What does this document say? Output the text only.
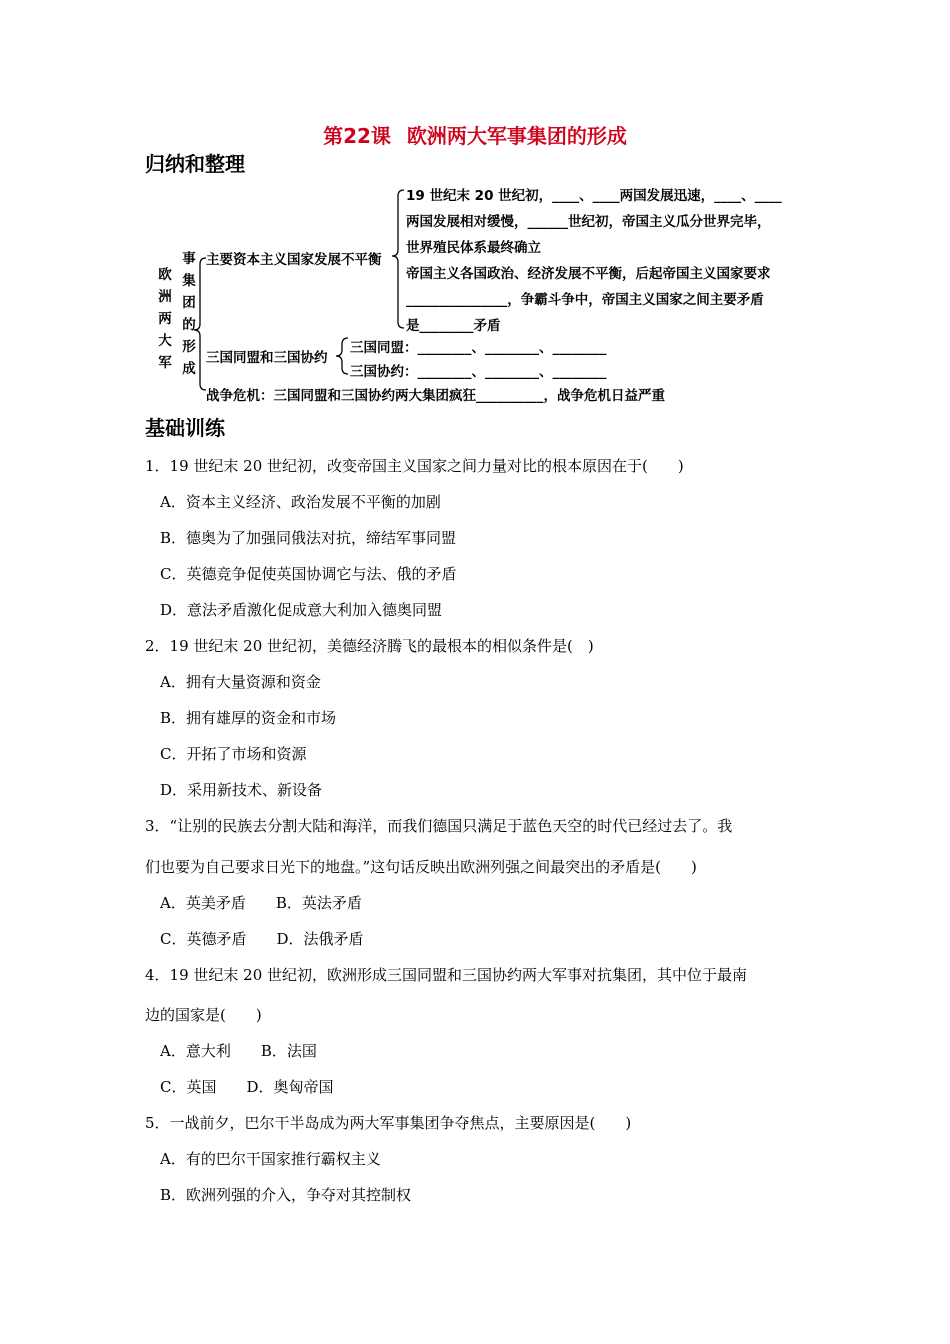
第22课 欧洲两大军事集团的形成
归纳和整理
欧
洲
两
大
军
事
集
团
的
形
成
主要资本主义国家发展不平衡
19 世纪末 20 世纪初，____、____两国发展迅速，____、____
两国发展相对缓慢，______世纪初，帝国主义瓜分世界完毕，
世界殖民体系最终确立
帝国主义各国政治、经济发展不平衡，后起帝国主义国家要求
_______________，争霸斗争中，帝国主义国家之间主要矛盾
是________矛盾
三国同盟和三国协约
三国同盟：________、________、________
三国协约：________、________、________
战争危机：三国同盟和三国协约两大集团疯狂__________，战争危机日益严重
基础训练
1．19 世纪末 20 世纪初，改变帝国主义国家之间力量对比的根本原因在于(　　)
A．资本主义经济、政治发展不平衡的加剧
B．德奥为了加强同俄法对抗，缔结军事同盟
C．英德竞争促使英国协调它与法、俄的矛盾
D．意法矛盾激化促成意大利加入德奥同盟
2．19 世纪末 20 世纪初，美德经济腾飞的最根本的相似条件是(　)
A．拥有大量资源和资金
B．拥有雄厚的资金和市场
C．开拓了市场和资源
D．采用新技术、新设备
3．“让别的民族去分割大陆和海洋，而我们德国只满足于蓝色天空的时代已经过去了。我
们也要为自己要求日光下的地盘。”这句话反映出欧洲列强之间最突出的矛盾是(　　)
A．英美矛盾　　B．英法矛盾
C．英德矛盾　　D．法俄矛盾
4．19 世纪末 20 世纪初，欧洲形成三国同盟和三国协约两大军事对抗集团，其中位于最南
边的国家是(　　)
A．意大利　　B．法国
C．英国　　D．奥匈帝国
5．一战前夕，巴尔干半岛成为两大军事集团争夺焦点，主要原因是(　　)
A．有的巴尔干国家推行霸权主义
B．欧洲列强的介入，争夺对其控制权
